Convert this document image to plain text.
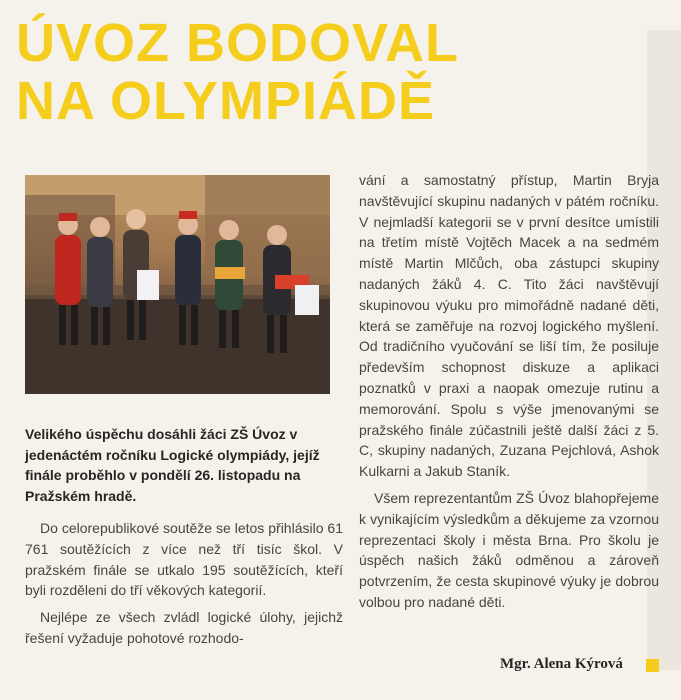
ÚVOZ BODOVAL
NA OLYMPIÁDĚ
Velikého úspěchu dosáhli žáci ZŠ Úvoz v jedenáctém ročníku Logické olympiády, jejíž finále proběhlo v pondělí 26. listopadu na Pražském hradě.

Do celorepublikové soutěže se letos přihlásilo 61 761 soutěžících z více než tří tisíc škol. V pražském finále se utkalo 195 soutěžících, kteří byli rozděleni do tří věkových kategorií.

Nejlépe ze všech zvládl logické úlohy, jejichž řešení vyžaduje pohotové rozhodo-

vání a samostatný přístup, Martin Bryja navštěvující skupinu nadaných v pátém ročníku. V nejmladší kategorii se v první desítce umístili na třetím místě Vojtěch Macek a na sedmém místě Martin Mlčůch, oba zástupci skupiny nadaných žáků 4. C. Tito žáci navštěvují skupinovou výuku pro mimořádně nadané děti, která se zaměřuje na rozvoj logického myšlení. Od tradičního vyučování se liší tím, že posiluje především schopnost diskuze a aplikaci poznatků v praxi a naopak omezuje rutinu a memorování. Spolu s výše jmenovanými se pražského finále zúčastnili ještě další žáci z 5. C, skupiny nadaných, Zuzana Pejchlová, Ashok Kulkarni a Jakub Staník.

Všem reprezentantům ZŠ Úvoz blahopřejeme k vynikajícím výsledkům a děkujeme za vzornou reprezentaci školy i města Brna. Pro školu je úspěch našich žáků odměnou a zároveň potvrzením, že cesta skupinové výuky je dobrou volbou pro nadané děti.

Mgr. Alena Kýrová
